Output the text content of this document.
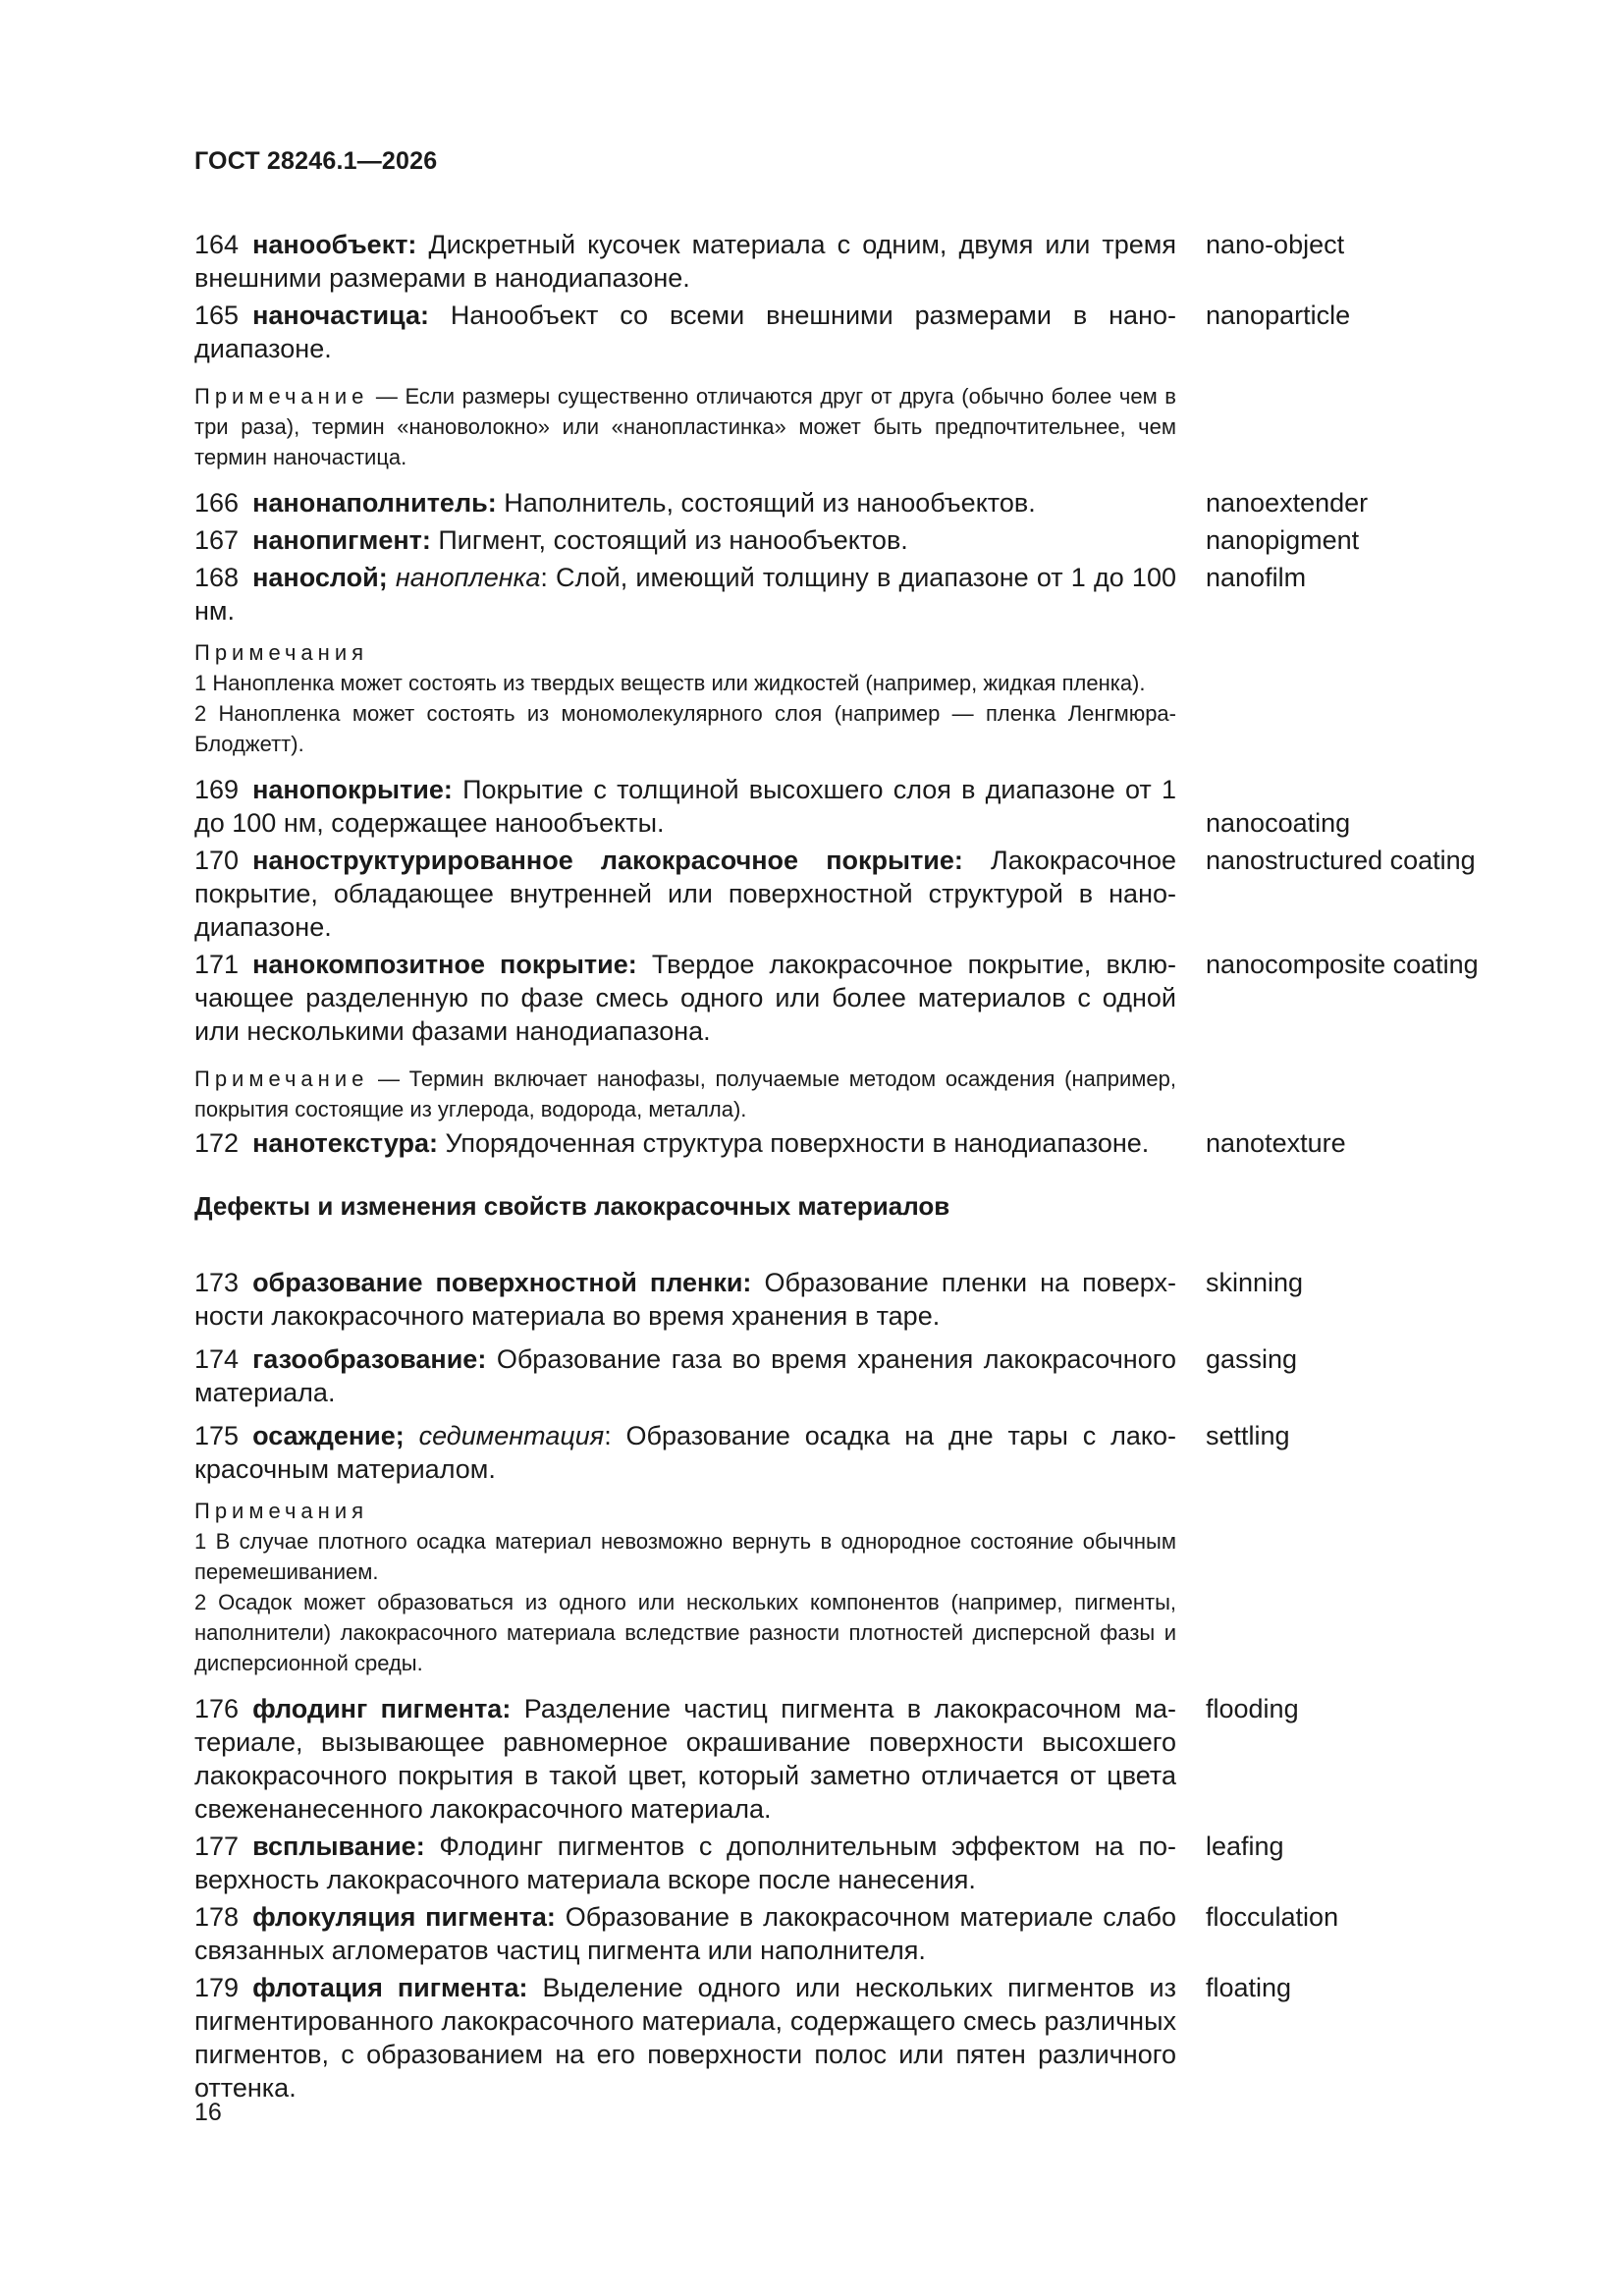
ГОСТ 28246.1—2026
nano-object
164 нанообъект: Дискретный кусочек материала с одним, двумя или тремя внешними размерами в нанодиапазоне.
nanoparticle
165 наночастица: Нанообъект со всеми внешними размерами в нанодиапазоне.
Примечание — Если размеры существенно отличаются друг от друга (обычно более чем в три раза), термин «нановолокно» или «нанопластинка» может быть предпочтительнее, чем термин наночастица.
nanoextender
166 нанонаполнитель: Наполнитель, состоящий из нанообъектов.
nanopigment
167 нанопигмент: Пигмент, состоящий из нанообъектов.
nanofilm
168 нанослой; нанопленка: Слой, имеющий толщину в диапазоне от 1 до 100 нм.

Примечания

1 Нанопленка может состоять из твердых веществ или жидкостей (например, жидкая пленка).

2 Нанопленка может состоять из мономолекулярного слоя (например — пленка Ленгмюра-Блоджетт).

nanocoating
169 нанопокрытие: Покрытие с толщиной высохшего слоя в диапазоне от 1 до 100 нм, содержащее нанообъекты.
nanostructured coating
170 наноструктурированное лакокрасочное покрытие: Лакокрасочное покрытие, обладающее внутренней или поверхностной структурой в нанодиапазоне.
nanocomposite coating
171 нанокомпозитное покрытие: Твердое лакокрасочное покрытие, включающее разделенную по фазе смесь одного или более материалов с одной или несколькими фазами нанодиапазона.
Примечание — Термин включает нанофазы, получаемые методом осаждения (например, покрытия состоящие из углерода, водорода, металла).
nanotexture
172 нанотекстура: Упорядоченная структура поверхности в нанодиапазоне.
Дефекты и изменения свойств лакокрасочных материалов
skinning
173 образование поверхностной пленки: Образование пленки на поверхности лакокрасочного материала во время хранения в таре.
gassing
174 газообразование: Образование газа во время хранения лакокрасочного материала.
settling
175 осаждение; седиментация: Образование осадка на дне тары с лакокрасочным материалом.

Примечания

1 В случае плотного осадка материал невозможно вернуть в однородное состояние обычным перемешиванием.

2 Осадок может образоваться из одного или нескольких компонентов (например, пигменты, наполнители) лакокрасочного материала вследствие разности плотностей дисперсной фазы и дисперсионной среды.

flooding
176 флодинг пигмента: Разделение частиц пигмента в лакокрасочном материале, вызывающее равномерное окрашивание поверхности высохшего лакокрасочного покрытия в такой цвет, который заметно отличается от цвета свеженанесенного лакокрасочного материала.
leafing
177 всплывание: Флодинг пигментов с дополнительным эффектом на поверхность лакокрасочного материала вскоре после нанесения.
flocculation
178 флокуляция пигмента: Образование в лакокрасочном материале слабо связанных агломератов частиц пигмента или наполнителя.
floating
179 флотация пигмента: Выделение одного или нескольких пигментов из пигментированного лакокрасочного материала, содержащего смесь различных пигментов, с образованием на его поверхности полос или пятен различного оттенка.
16
